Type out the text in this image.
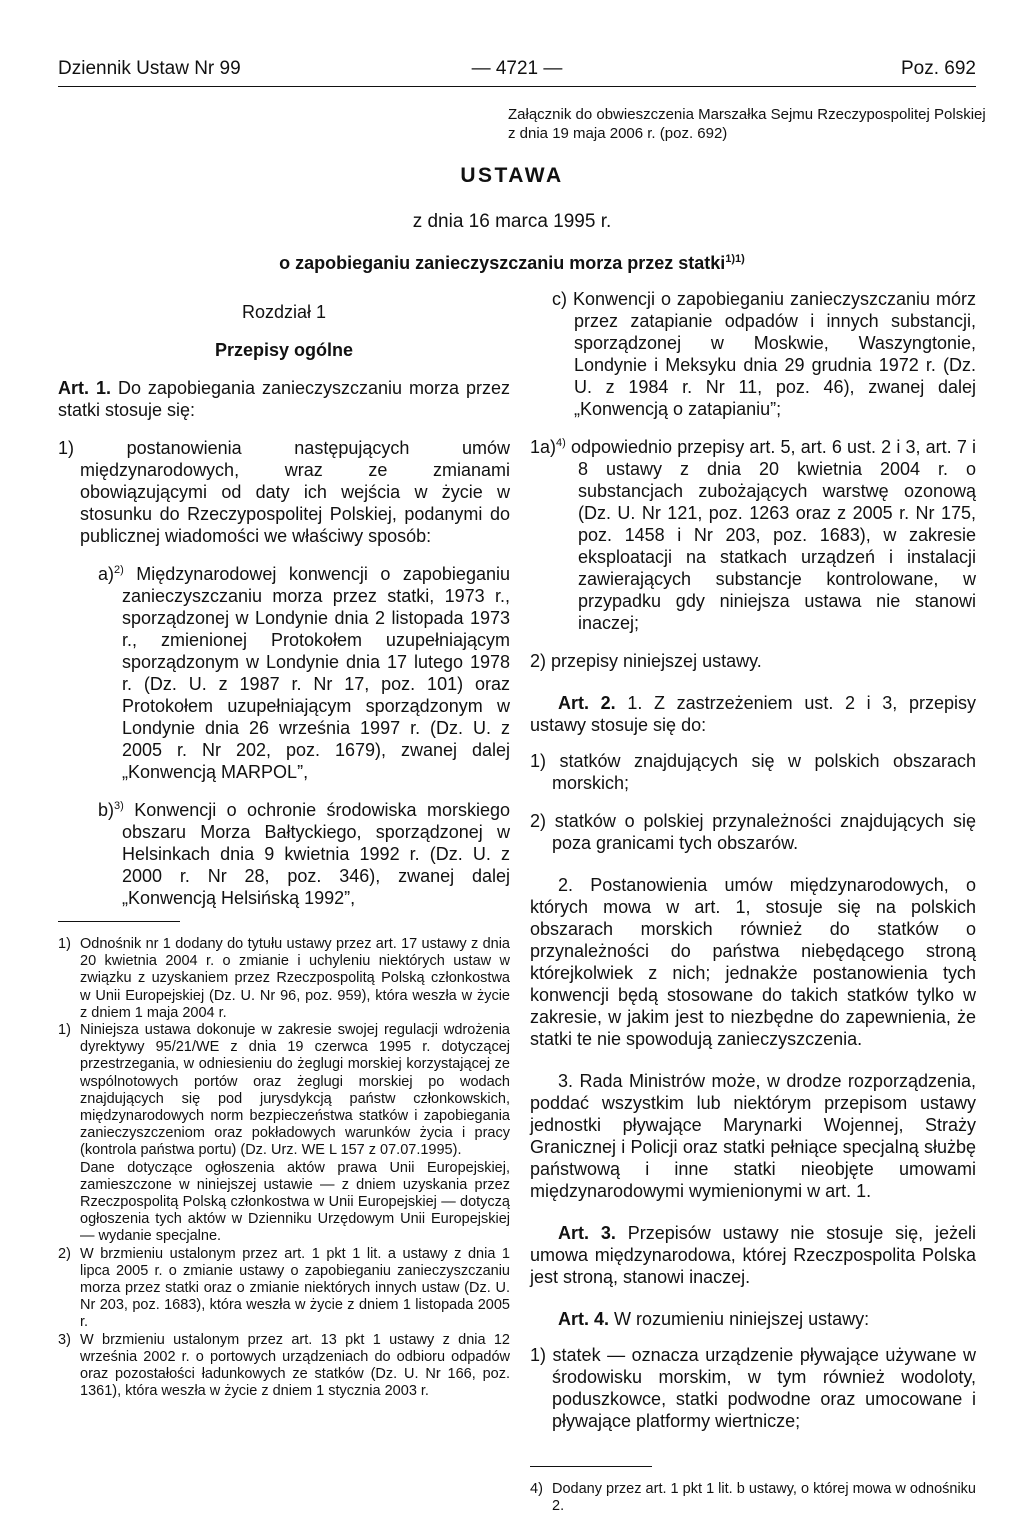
Dziennik Ustaw Nr 99	— 4721 —	Poz. 692
Załącznik do obwieszczenia Marszałka Sejmu Rzeczypospolitej Polskiej z dnia 19 maja 2006 r. (poz. 692)
USTAWA
z dnia 16 marca 1995 r.
o zapobieganiu zanieczyszczaniu morza przez statki$^{1)1)}$

Rozdział 1

Przepisy ogólne

Art. 1. Do zapobiegania zanieczyszczaniu morza przez statki stosuje się:

1) postanowienia następujących umów międzynarodowych, wraz ze zmianami obowiązującymi od daty ich wejścia w życie w stosunku do Rzeczypospolitej Polskiej, podanymi do publicznej wiadomości we właściwy sposób:

a)$^{2)}$ Międzynarodowej konwencji o zapobieganiu zanieczyszczaniu morza przez statki, 1973 r., sporządzonej w Londynie dnia 2 listopada 1973 r., zmienionej Protokołem uzupełniającym sporządzonym w Londynie dnia 17 lutego 1978 r. (Dz. U. z 1987 r. Nr 17, poz. 101) oraz Protokołem uzupełniającym sporządzonym w Londynie dnia 26 września 1997 r. (Dz. U. z 2005 r. Nr 202, poz. 1679), zwanej dalej „Konwencją MARPOL”,

b)$^{3)}$ Konwencji o ochronie środowiska morskiego obszaru Morza Bałtyckiego, sporządzonej w Helsinkach dnia 9 kwietnia 1992 r. (Dz. U. z 2000 r. Nr 28, poz. 346), zwanej dalej „Konwencją Helsińską 1992”,

1) Odnośnik nr 1 dodany do tytułu ustawy przez art. 17 ustawy z dnia 20 kwietnia 2004 r. o zmianie i uchyleniu niektórych ustaw w związku z uzyskaniem przez Rzeczpospolitą Polską członkostwa w Unii Europejskiej (Dz. U. Nr 96, poz. 959), która weszła w życie z dniem 1 maja 2004 r.

1) Niniejsza ustawa dokonuje w zakresie swojej regulacji wdrożenia dyrektywy 95/21/WE z dnia 19 czerwca 1995 r. dotyczącej przestrzegania, w odniesieniu do żeglugi morskiej korzystającej ze wspólnotowych portów oraz żeglugi morskiej po wodach znajdujących się pod jurysdykcją państw członkowskich, międzynarodowych norm bezpieczeństwa statków i zapobiegania zanieczyszczeniom oraz pokładowych warunków życia i pracy (kontrola państwa portu) (Dz. Urz. WE L 157 z 07.07.1995).

Dane dotyczące ogłoszenia aktów prawa Unii Europejskiej, zamieszczone w niniejszej ustawie — z dniem uzyskania przez Rzeczpospolitą Polską członkostwa w Unii Europejskiej — dotyczą ogłoszenia tych aktów w Dzienniku Urzędowym Unii Europejskiej — wydanie specjalne.

2) W brzmieniu ustalonym przez art. 1 pkt 1 lit. a ustawy z dnia 1 lipca 2005 r. o zmianie ustawy o zapobieganiu zanieczyszczaniu morza przez statki oraz o zmianie niektórych innych ustaw (Dz. U. Nr 203, poz. 1683), która weszła w życie z dniem 1 listopada 2005 r.

3) W brzmieniu ustalonym przez art. 13 pkt 1 ustawy z dnia 12 września 2002 r. o portowych urządzeniach do odbioru odpadów oraz pozostałości ładunkowych ze statków (Dz. U. Nr 166, poz. 1361), która weszła w życie z dniem 1 stycznia 2003 r.

c) Konwencji o zapobieganiu zanieczyszczaniu mórz przez zatapianie odpadów i innych substancji, sporządzonej w Moskwie, Waszyngtonie, Londynie i Meksyku dnia 29 grudnia 1972 r. (Dz. U. z 1984 r. Nr 11, poz. 46), zwanej dalej „Konwencją o zatapianiu”;

1a)$^{4)}$ odpowiednio przepisy art. 5, art. 6 ust. 2 i 3, art. 7 i 8 ustawy z dnia 20 kwietnia 2004 r. o substancjach zubożających warstwę ozonową (Dz. U. Nr 121, poz. 1263 oraz z 2005 r. Nr 175, poz. 1458 i Nr 203, poz. 1683), w zakresie eksploatacji na statkach urządzeń i instalacji zawierających substancje kontrolowane, w przypadku gdy niniejsza ustawa nie stanowi inaczej;

2) przepisy niniejszej ustawy.

Art. 2. 1. Z zastrzeżeniem ust. 2 i 3, przepisy ustawy stosuje się do:

1) statków znajdujących się w polskich obszarach morskich;

2) statków o polskiej przynależności znajdujących się poza granicami tych obszarów.

2. Postanowienia umów międzynarodowych, o których mowa w art. 1, stosuje się na polskich obszarach morskich również do statków o przynależności do państwa niebędącego stroną którejkolwiek z nich; jednakże postanowienia tych konwencji będą stosowane do takich statków tylko w zakresie, w jakim jest to niezbędne do zapewnienia, że statki te nie spowodują zanieczyszczenia.

3. Rada Ministrów może, w drodze rozporządzenia, poddać wszystkim lub niektórym przepisom ustawy jednostki pływające Marynarki Wojennej, Straży Granicznej i Policji oraz statki pełniące specjalną służbę państwową i inne statki nieobjęte umowami międzynarodowymi wymienionymi w art. 1.

Art. 3. Przepisów ustawy nie stosuje się, jeżeli umowa międzynarodowa, której Rzeczpospolita Polska jest stroną, stanowi inaczej.

Art. 4. W rozumieniu niniejszej ustawy:

1) statek — oznacza urządzenie pływające używane w środowisku morskim, w tym również wodoloty, poduszkowce, statki podwodne oraz umocowane i pływające platformy wiertnicze;

4) Dodany przez art. 1 pkt 1 lit. b ustawy, o której mowa w odnośniku 2.
